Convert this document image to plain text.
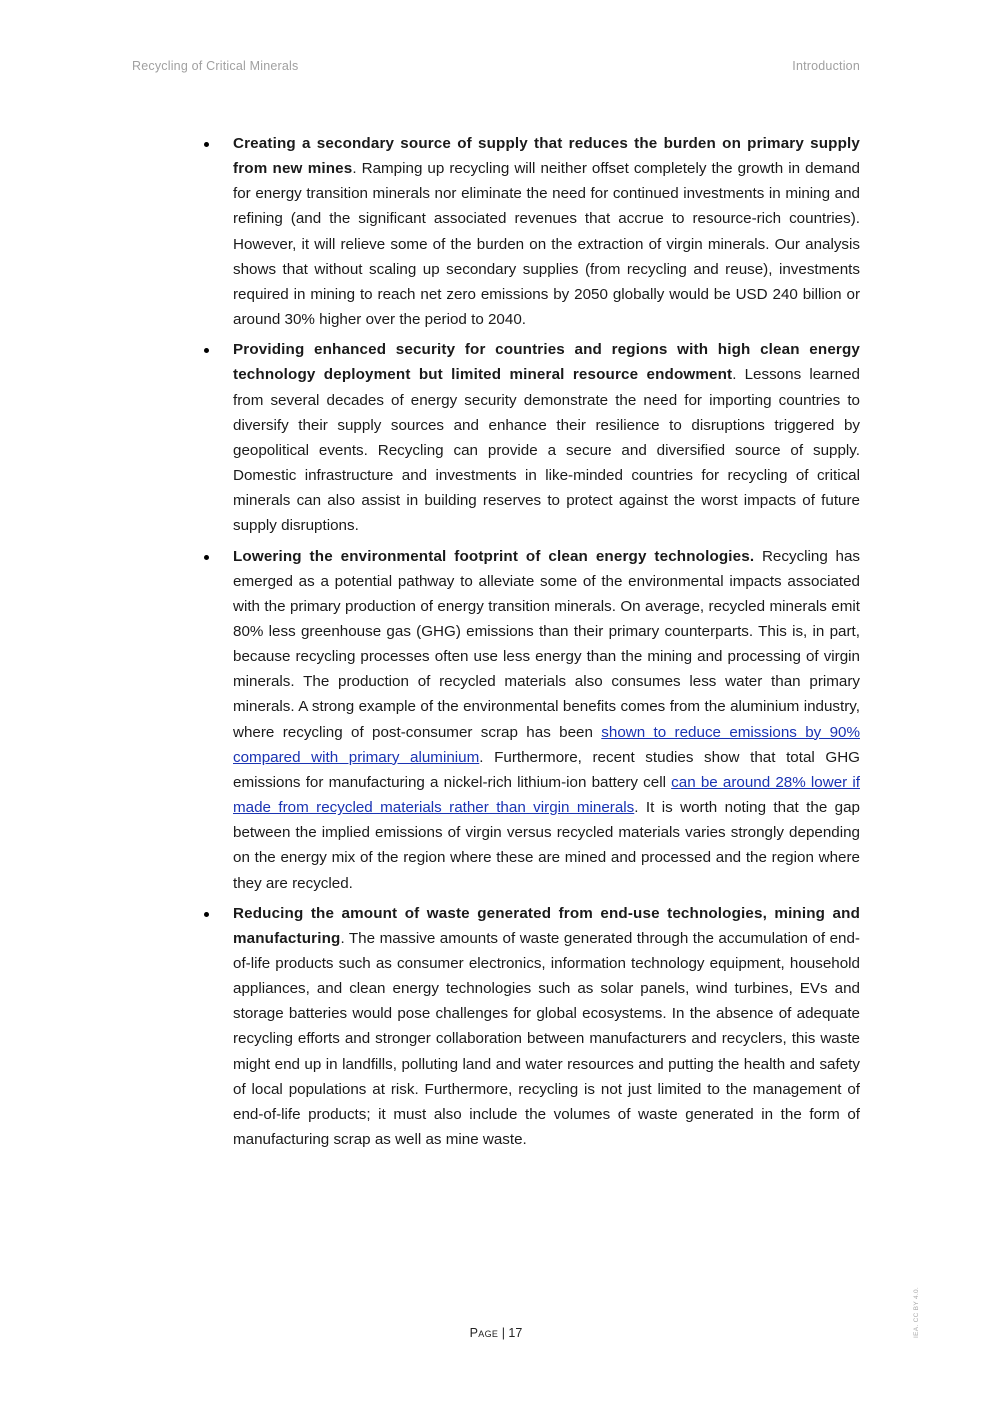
Recycling of Critical Minerals	Introduction
Creating a secondary source of supply that reduces the burden on primary supply from new mines. Ramping up recycling will neither offset completely the growth in demand for energy transition minerals nor eliminate the need for continued investments in mining and refining (and the significant associated revenues that accrue to resource-rich countries). However, it will relieve some of the burden on the extraction of virgin minerals. Our analysis shows that without scaling up secondary supplies (from recycling and reuse), investments required in mining to reach net zero emissions by 2050 globally would be USD 240 billion or around 30% higher over the period to 2040.
Providing enhanced security for countries and regions with high clean energy technology deployment but limited mineral resource endowment. Lessons learned from several decades of energy security demonstrate the need for importing countries to diversify their supply sources and enhance their resilience to disruptions triggered by geopolitical events. Recycling can provide a secure and diversified source of supply. Domestic infrastructure and investments in like-minded countries for recycling of critical minerals can also assist in building reserves to protect against the worst impacts of future supply disruptions.
Lowering the environmental footprint of clean energy technologies. Recycling has emerged as a potential pathway to alleviate some of the environmental impacts associated with the primary production of energy transition minerals. On average, recycled minerals emit 80% less greenhouse gas (GHG) emissions than their primary counterparts. This is, in part, because recycling processes often use less energy than the mining and processing of virgin minerals. The production of recycled materials also consumes less water than primary minerals. A strong example of the environmental benefits comes from the aluminium industry, where recycling of post-consumer scrap has been shown to reduce emissions by 90% compared with primary aluminium. Furthermore, recent studies show that total GHG emissions for manufacturing a nickel-rich lithium-ion battery cell can be around 28% lower if made from recycled materials rather than virgin minerals. It is worth noting that the gap between the implied emissions of virgin versus recycled materials varies strongly depending on the energy mix of the region where these are mined and processed and the region where they are recycled.
Reducing the amount of waste generated from end-use technologies, mining and manufacturing. The massive amounts of waste generated through the accumulation of end-of-life products such as consumer electronics, information technology equipment, household appliances, and clean energy technologies such as solar panels, wind turbines, EVs and storage batteries would pose challenges for global ecosystems. In the absence of adequate recycling efforts and stronger collaboration between manufacturers and recyclers, this waste might end up in landfills, polluting land and water resources and putting the health and safety of local populations at risk. Furthermore, recycling is not just limited to the management of end-of-life products; it must also include the volumes of waste generated in the form of manufacturing scrap as well as mine waste.
Page | 17	IEA. CC BY 4.0.
